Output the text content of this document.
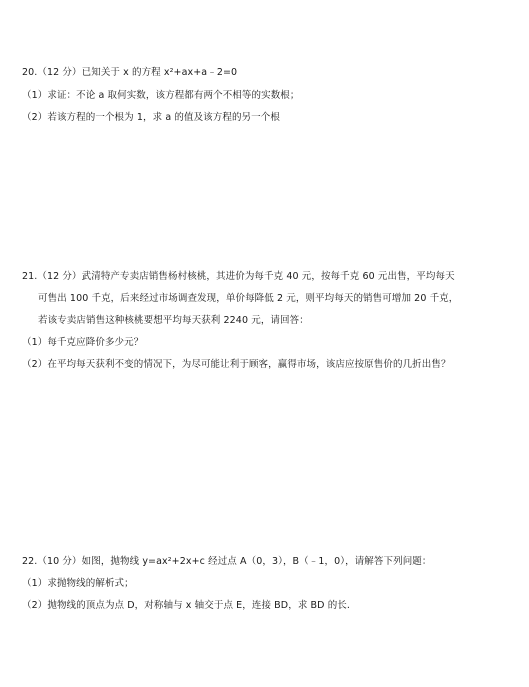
20.（12 分）已知关于 x 的方程 x²+ax+a﹣2=0
（1）求证：不论 a 取何实数，该方程都有两个不相等的实数根；
（2）若该方程的一个根为 1，求 a 的值及该方程的另一个根
21.（12 分）武清特产专卖店销售杨村核桃，其进价为每千克 40 元，按每千克 60 元出售，平均每天
可售出 100 千克，后来经过市场调查发现，单价每降低 2 元，则平均每天的销售可增加 20 千克，
若该专卖店销售这种核桃要想平均每天获利 2240 元，请回答：
（1）每千克应降价多少元？
（2）在平均每天获利不变的情况下，为尽可能让利于顾客，赢得市场，该店应按原售价的几折出售？
22.（10 分）如图，抛物线 y=ax²+2x+c 经过点 A（0，3），B（﹣1，0），请解答下列问题：
（1）求抛物线的解析式；
（2）抛物线的顶点为点 D，对称轴与 x 轴交于点 E，连接 BD，求 BD 的长.
